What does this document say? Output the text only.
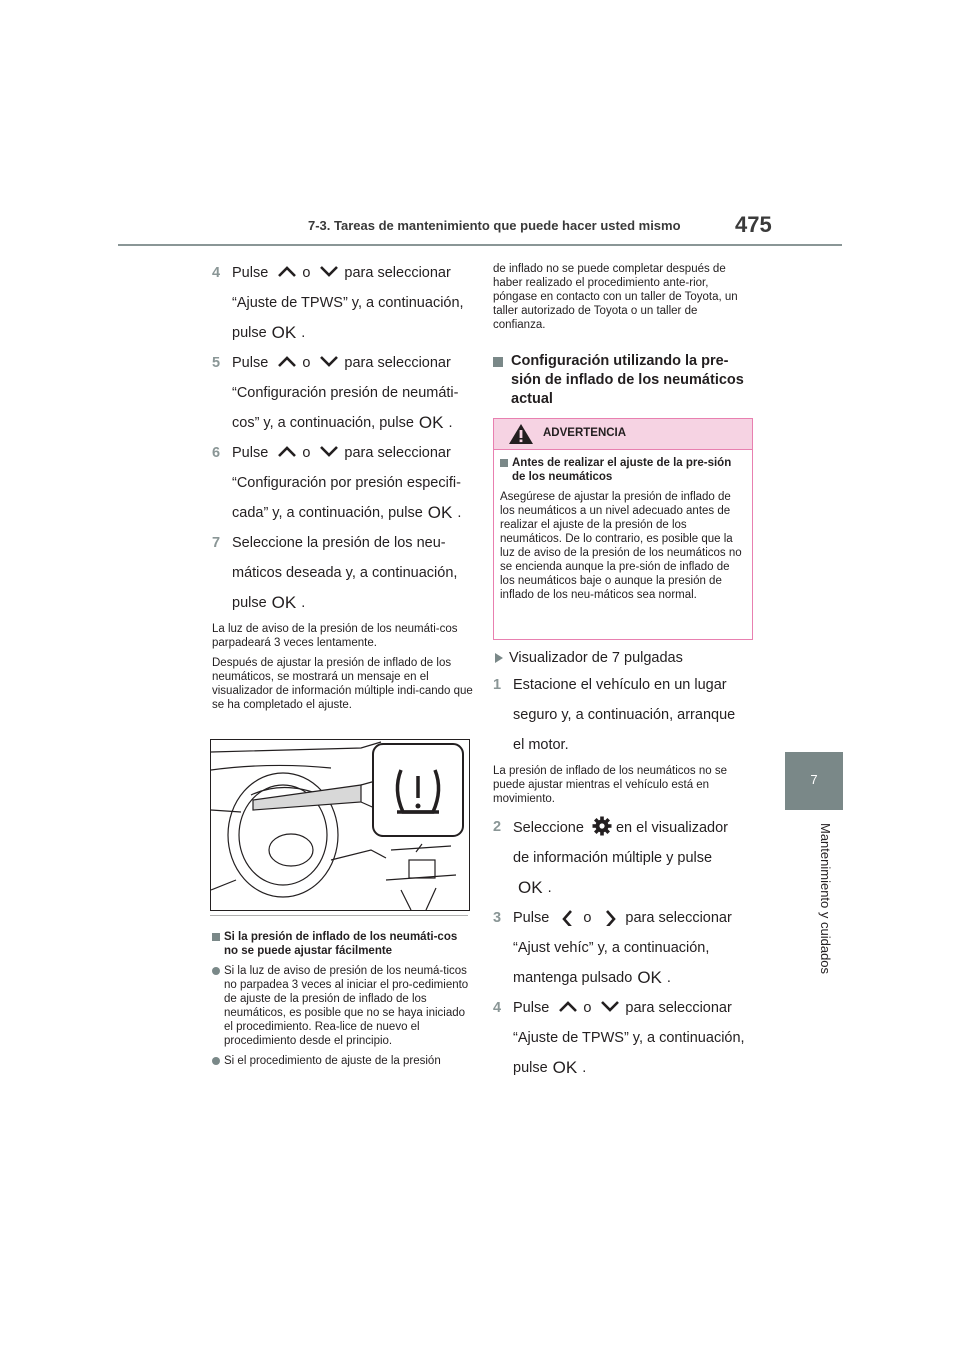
7-3. Tareas de mantenimiento que puede hacer usted mismo 475
7
Mantenimiento y cuidados
4 Pulse o para seleccionar
“Ajuste de TPWS” y, a continuación,
pulse OK .
5 Pulse o para seleccionar
“Configuración presión de neumáti-
cos” y, a continuación, pulse OK .
6 Pulse o para seleccionar
“Configuración por presión especifi-
cada” y, a continuación, pulse OK .
7 Seleccione la presión de los neu-
máticos deseada y, a continuación,
pulse OK .

La luz de aviso de la presión de los neumáti-cos parpadeará 3 veces lentamente.

Después de ajustar la presión de inflado de los neumáticos, se mostrará un mensaje en el visualizador de información múltiple indi-cando que se ha completado el ajuste.

Si la presión de inflado de los neumáti-cos no se puede ajustar fácilmente
Si la luz de aviso de presión de los neumá-ticos no parpadea 3 veces al iniciar el pro-cedimiento de ajuste de la presión de inflado de los neumáticos, es posible que no se haya iniciado el procedimiento. Rea-lice de nuevo el procedimiento desde el principio.
Si el procedimiento de ajuste de la presión

de inflado no se puede completar después de haber realizado el procedimiento ante-rior, póngase en contacto con un taller de Toyota, un taller autorizado de Toyota o un taller de confianza.

Configuración utilizando la pre-sión de inflado de los neumáticos actual
ADVERTENCIA
Antes de realizar el ajuste de la pre-sión de los neumáticos

Asegúrese de ajustar la presión de inflado de los neumáticos a un nivel adecuado antes de realizar el ajuste de la presión de los neumáticos. De lo contrario, es posible que la luz de aviso de la presión de los neumáticos no se encienda aunque la pre-sión de inflado de los neumáticos baje o aunque la presión de inflado de los neu-máticos sea normal.

Visualizador de 7 pulgadas
1 Estacione el vehículo en un lugar
seguro y, a continuación, arranque
el motor.

La presión de inflado de los neumáticos no se puede ajustar mientras el vehículo está en movimiento.

2 Seleccione en el visualizador
de información múltiple y pulse
OK .
3 Pulse o para seleccionar
“Ajust vehíc” y, a continuación,
mantenga pulsado OK .
4 Pulse o para seleccionar
“Ajuste de TPWS” y, a continuación,
pulse OK .
